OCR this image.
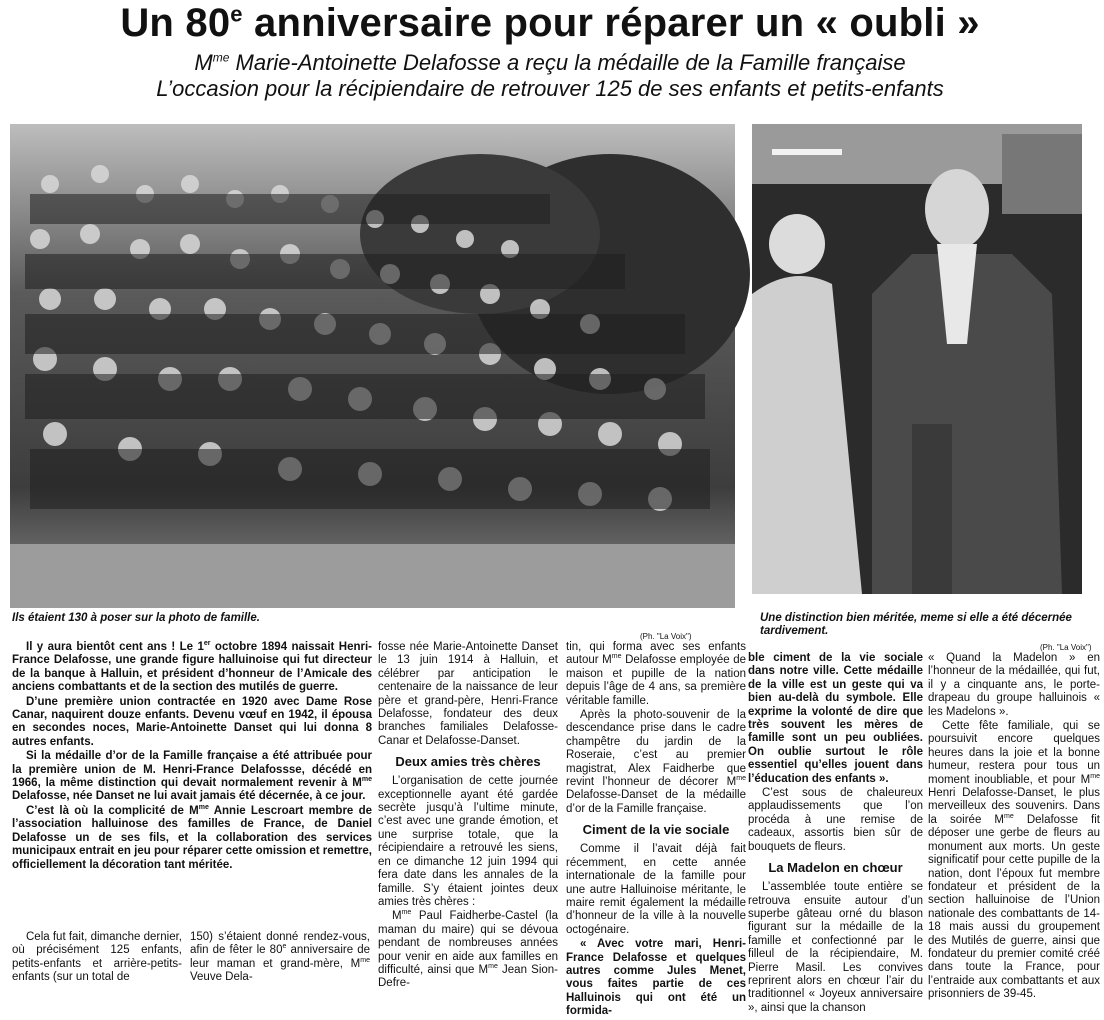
Un 80e anniversaire pour réparer un « oubli »
$M^{me}$ Marie-Antoinette Delafosse a reçu la médaille de la Famille française
L’occasion pour la récipiendaire de retrouver 125 de ses enfants et petits-enfants
Ils étaient 130 à poser sur la photo de famille.
(Ph. "La Voix")
Une distinction bien méritée, meme si elle a été décernée tardivement.
(Ph. "La Voix")

Il y aura bientôt cent ans ! Le 1er octobre 1894 naissait Henri-France Delafosse, une grande figure halluinoise qui fut directeur de la banque à Halluin, et président d’honneur de l’Amicale des anciens combattants et de la section des mutilés de guerre.

D’une première union contractée en 1920 avec Dame Rose Canar, naquirent douze enfants. Devenu vœuf en 1942, il épousa en secondes noces, Marie-Antoinette Danset qui lui donna 8 autres enfants.

Si la médaille d’or de la Famille française a été attribuée pour la première union de M. Henri-France Delafossse, décédé en 1966, la même distinction qui devait normalement revenir à $M^{me}$ Delafosse, née Danset ne lui avait jamais été décernée, à ce jour.

C’est là où la complicité de $M^{me}$ Annie Lescroart membre de l’association halluinose des familles de France, de Daniel Delafosse un de ses fils, et la collaboration des services municipaux entrait en jeu pour réparer cette omission et remettre, officiellement la décoration tant méritée.

Cela fut fait, dimanche dernier, où précisément 125 enfants, petits-enfants et arrière-petits-enfants (sur un total de

150) s’étaient donné rendez-vous, afin de fêter le 80e anniversaire de leur maman et grand-mère, $M^{me}$ Veuve Dela-

fosse née Marie-Antoinette Danset le 13 juin 1914 à Halluin, et célébrer par anticipation le centenaire de la naissance de leur père et grand-père, Henri-France Delafosse, fondateur des deux branches familiales Delafosse-Canar et Delafosse-Danset.

Deux amies très chères

L’organisation de cette journée exceptionnelle ayant été gardée secrète jusqu’à l’ultime minute, c’est avec une grande émotion, et une surprise totale, que la récipiendaire a retrouvé les siens, en ce dimanche 12 juin 1994 qui fera date dans les annales de la famille. S’y étaient jointes deux amies très chères :

$M^{me}$ Paul Faidherbe-Castel (la maman du maire) qui se dévoua pendant de nombreuses années pour venir en aide aux familles en difficulté, ainsi que $M^{me}$ Jean Sion-Defre-

tin, qui forma avec ses enfants autour $M^{me}$ Delafosse employée de maison et pupille de la nation depuis l’âge de 4 ans, sa première véritable famille.

Après la photo-souvenir de la descendance prise dans le cadre champêtre du jardin de la Roseraie, c’est au premier magistrat, Alex Faidherbe que revint l’honneur de décorer $M^{me}$ Delafosse-Danset de la médaille d’or de la Famille française.

Ciment de la vie sociale

Comme il l’avait déjà fait récemment, en cette année internationale de la famille pour une autre Halluinoise méritante, le maire remit également la médaille d’honneur de la ville à la nouvelle octogénaire.

« Avec votre mari, Henri-France Delafosse et quelques autres comme Jules Menet, vous faites partie de ces Halluinois qui ont été un formida-

ble ciment de la vie sociale dans notre ville. Cette médaille de la ville est un geste qui va bien au-delà du symbole. Elle exprime la volonté de dire que très souvent les mères de famille sont un peu oubliées. On oublie surtout le rôle essentiel qu’elles jouent dans l’éducation des enfants ».

C’est sous de chaleureux applaudissements que l’on procéda à une remise de cadeaux, assortis bien sûr de bouquets de fleurs.

La Madelon en chœur

L’assemblée toute entière se retrouva ensuite autour d’un superbe gâteau orné du blason figurant sur la médaille de la famille et confectionné par le filleul de la récipiendaire, M. Pierre Masil. Les convives reprirent alors en chœur l’air du traditionnel « Joyeux anniversaire », ainsi que la chanson

« Quand la Madelon » en l’honneur de la médaillée, qui fut, il y a cinquante ans, le porte-drapeau du groupe halluinois « les Madelons ».

Cette fête familiale, qui se poursuivit encore quelques heures dans la joie et la bonne humeur, restera pour tous un moment inoubliable, et pour $M^{me}$ Henri Delafosse-Danset, le plus merveilleux des souvenirs. Dans la soirée $M^{me}$ Delafosse fit déposer une gerbe de fleurs au monument aux morts. Un geste significatif pour cette pupille de la nation, dont l’époux fut membre fondateur et président de la section halluinoise de l’Union nationale des combattants de 14-18 mais aussi du groupement des Mutilés de guerre, ainsi que fondateur du premier comité créé dans toute la France, pour l’entraide aux combattants et aux prisonniers de 39-45.
